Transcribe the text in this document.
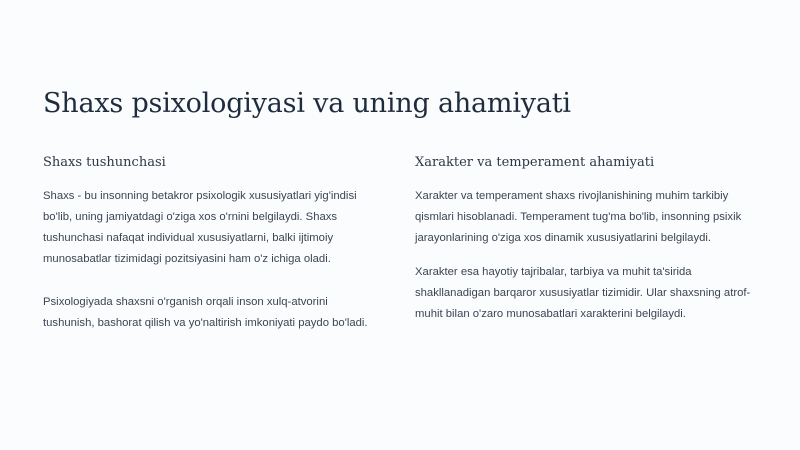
Shaxs psixologiyasi va uning ahamiyati
Shaxs tushunchasi

Shaxs - bu insonning betakror psixologik xususiyatlari yig'indisi bo'lib, uning jamiyatdagi o'ziga xos o'rnini belgilaydi. Shaxs tushunchasi nafaqat individual xususiyatlarni, balki ijtimoiy munosabatlar tizimidagi pozitsiyasini ham o'z ichiga oladi.

Psixologiyada shaxsni o'rganish orqali inson xulq-atvorini tushunish, bashorat qilish va yo'naltirish imkoniyati paydo bo'ladi.

Xarakter va temperament ahamiyati

Xarakter va temperament shaxs rivojlanishining muhim tarkibiy qismlari hisoblanadi. Temperament tug'ma bo'lib, insonning psixik jarayonlarining o'ziga xos dinamik xususiyatlarini belgilaydi.

Xarakter esa hayotiy tajribalar, tarbiya va muhit ta'sirida shakllanadigan barqaror xususiyatlar tizimidir. Ular shaxsning atrof-muhit bilan o'zaro munosabatlari xarakterini belgilaydi.
